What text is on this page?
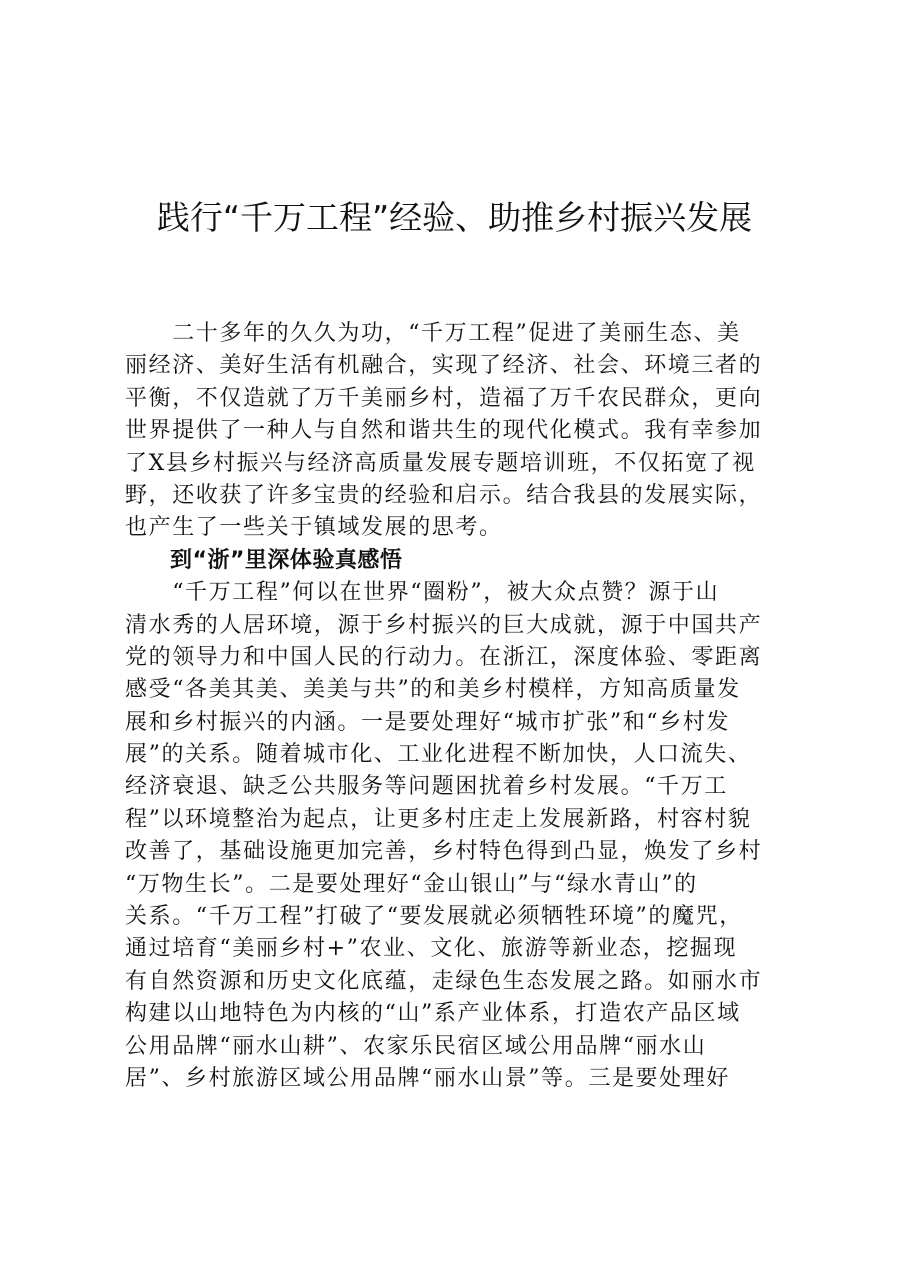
践行“千万工程”经验、助推乡村振兴发展
　　二十多年的久久为功，“千万工程”促进了美丽生态、美
丽经济、美好生活有机融合，实现了经济、社会、环境三者的
平衡，不仅造就了万千美丽乡村，造福了万千农民群众，更向
世界提供了一种人与自然和谐共生的现代化模式。我有幸参加
了X县乡村振兴与经济高质量发展专题培训班，不仅拓宽了视
野，还收获了许多宝贵的经验和启示。结合我县的发展实际，
也产生了一些关于镇域发展的思考。
　　到“浙”里深体验真感悟
　　“千万工程”何以在世界“圈粉”，被大众点赞？源于山
清水秀的人居环境，源于乡村振兴的巨大成就，源于中国共产
党的领导力和中国人民的行动力。在浙江，深度体验、零距离
感受“各美其美、美美与共”的和美乡村模样，方知高质量发
展和乡村振兴的内涵。一是要处理好“城市扩张”和“乡村发
展”的关系。随着城市化、工业化进程不断加快，人口流失、
经济衰退、缺乏公共服务等问题困扰着乡村发展。“千万工
程”以环境整治为起点，让更多村庄走上发展新路，村容村貌
改善了，基础设施更加完善，乡村特色得到凸显，焕发了乡村
“万物生长”。二是要处理好“金山银山”与“绿水青山”的
关系。“千万工程”打破了“要发展就必须牺牲环境”的魔咒，
通过培育“美丽乡村+”农业、文化、旅游等新业态，挖掘现
有自然资源和历史文化底蕴，走绿色生态发展之路。如丽水市
构建以山地特色为内核的“山”系产业体系，打造农产品区域
公用品牌“丽水山耕”、农家乐民宿区域公用品牌“丽水山
居”、乡村旅游区域公用品牌“丽水山景”等。三是要处理好
